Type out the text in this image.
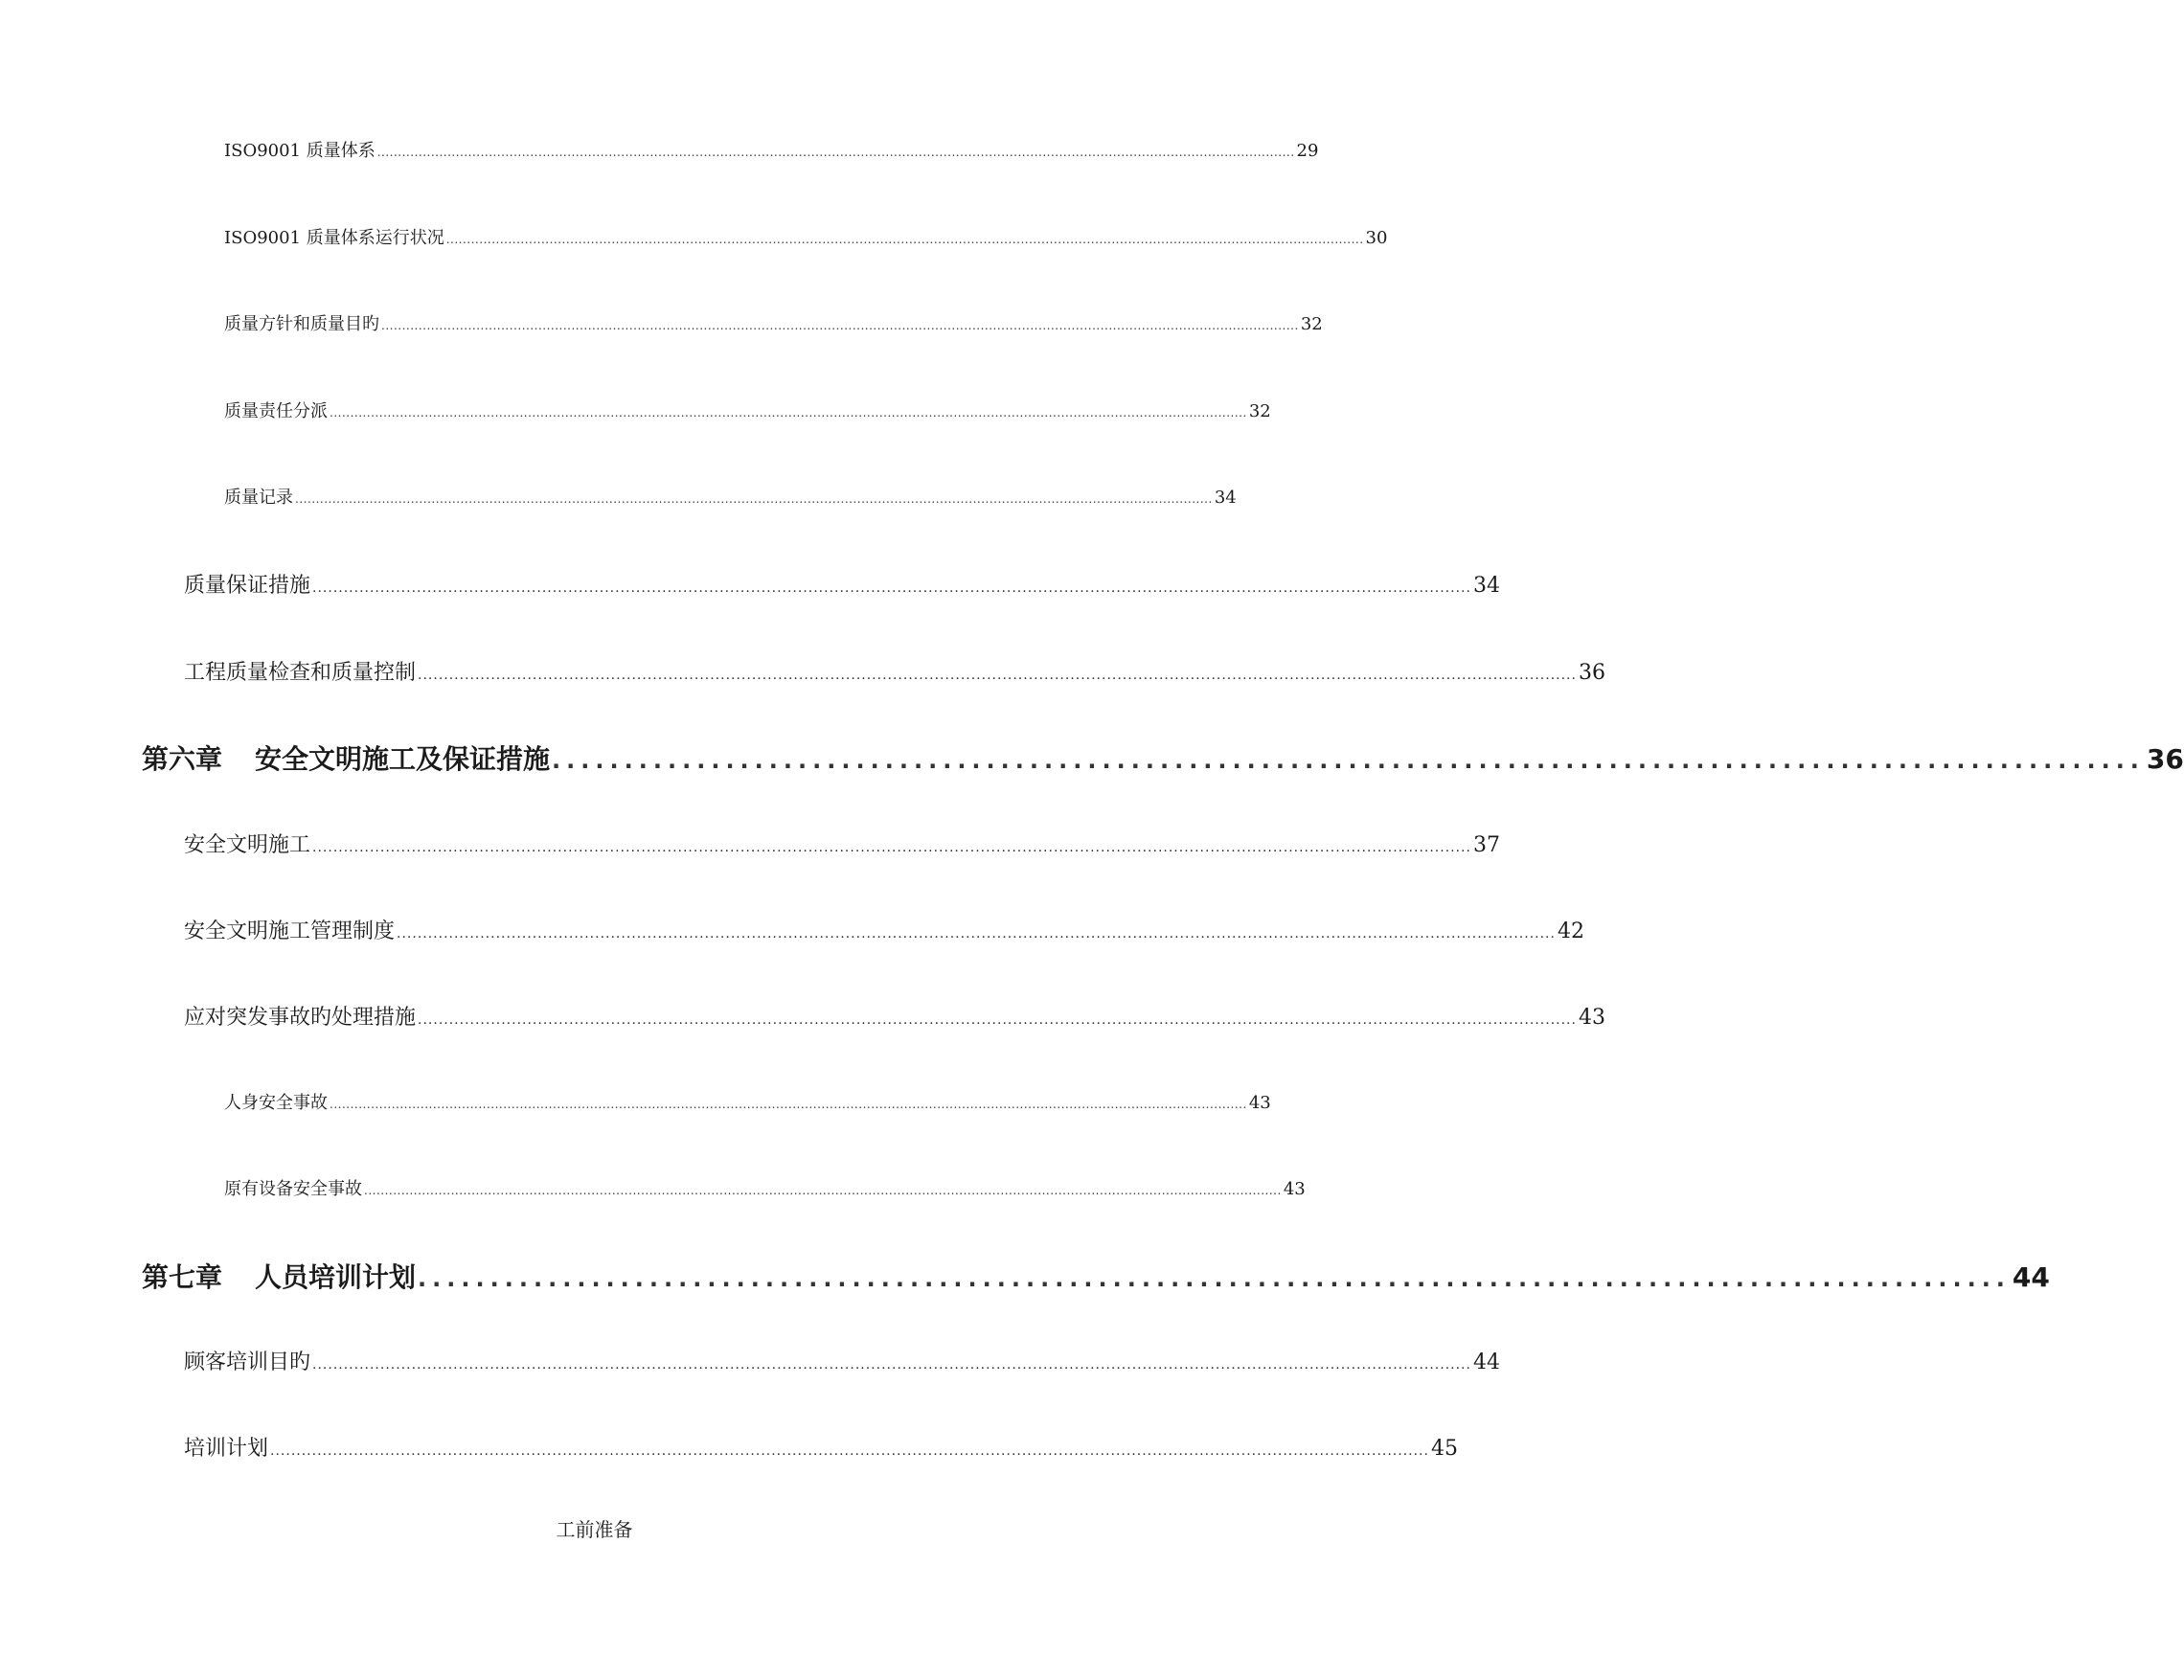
ISO9001 质量体系 .............................................................................................................................................................................................................................. 29
ISO9001 质量体系运行状况 .............................................................................................................................................................................................................................. 30
质量方针和质量目旳 .............................................................................................................................................................................................................................. 32
质量责任分派 .............................................................................................................................................................................................................................. 32
质量记录 .............................................................................................................................................................................................................................. 34
质量保证措施 .............................................................................................................................................................................................................................. 34
工程质量检查和质量控制 .............................................................................................................................................................................................................................. 36
第六章 安全文明施工及保证措施 .............................................................................................................. 36
安全文明施工 .............................................................................................................................................................................................................................. 37
安全文明施工管理制度 .............................................................................................................................................................................................................................. 42
应对突发事故旳处理措施 .............................................................................................................................................................................................................................. 43
人身安全事故 .............................................................................................................................................................................................................................. 43
原有设备安全事故 .............................................................................................................................................................................................................................. 43
第七章 人员培训计划 .............................................................................................................. 44
顾客培训目旳 .............................................................................................................................................................................................................................. 44
培训计划 .............................................................................................................................................................................................................................. 45
工前准备
